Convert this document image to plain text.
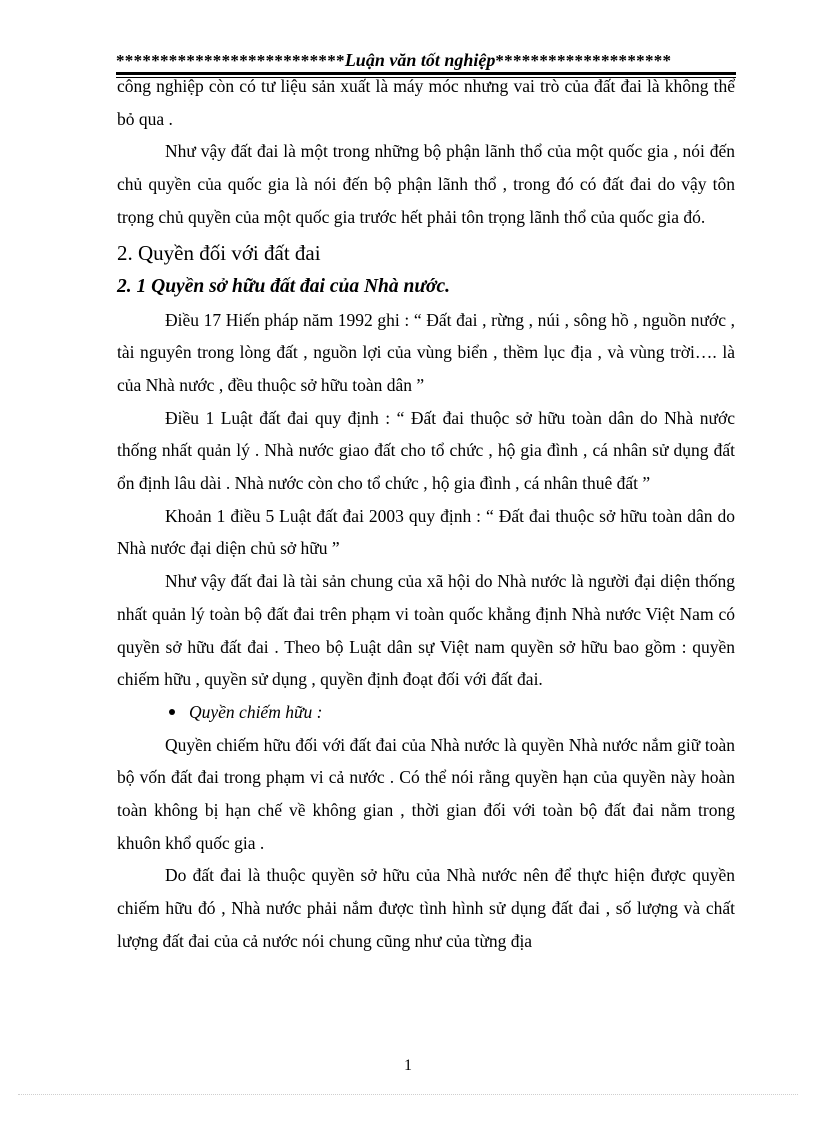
**************************Luận văn tốt nghiệp********************

công nghiệp còn có tư liệu sản xuất là máy móc nhưng vai trò của đất đai là không thể bỏ qua .

Như vậy đất đai là một trong những bộ phận lãnh thổ của một quốc gia , nói đến chủ quyền của quốc gia là nói đến bộ phận lãnh thổ , trong đó có đất đai do vậy tôn trọng chủ quyền của một quốc gia trước hết phải tôn trọng lãnh thổ của quốc gia đó.

2. Quyền đối với đất đai
2. 1 Quyền sở hữu đất đai của Nhà nước.

Điều 17 Hiến pháp năm 1992 ghi : “ Đất đai , rừng , núi , sông hồ , nguồn nước , tài nguyên trong lòng đất , nguồn lợi của vùng biển , thềm lục địa , và vùng trời…. là của Nhà nước , đều thuộc sở hữu toàn dân ”

Điều 1 Luật đất đai quy định : “ Đất đai thuộc sở hữu toàn dân do Nhà nước thống nhất quản lý . Nhà nước giao đất cho tổ chức , hộ gia đình , cá nhân sử dụng đất ổn định lâu dài . Nhà nước còn cho tổ chức , hộ gia đình , cá nhân thuê đất ”

Khoản 1 điều 5 Luật đất đai 2003 quy định : “ Đất đai thuộc sở hữu toàn dân do Nhà nước đại diện chủ sở hữu ”

Như vậy đất đai là tài sản chung của xã hội do Nhà nước là người đại diện thống nhất quản lý toàn bộ đất đai trên phạm vi toàn quốc khẳng định Nhà nước Việt Nam có quyền sở hữu đất đai . Theo bộ Luật dân sự Việt nam quyền sở hữu bao gồm : quyền chiếm hữu , quyền sử dụng , quyền định đoạt đối với đất đai.

Quyền chiếm hữu :

Quyền chiếm hữu đối với đất đai của Nhà nước là quyền Nhà nước nắm giữ toàn bộ vốn đất đai trong phạm vi cả nước . Có thể nói rằng quyền hạn của quyền này hoàn toàn không bị hạn chế về không gian , thời gian đối với toàn bộ đất đai nằm trong khuôn khổ quốc gia .

Do đất đai là thuộc quyền sở hữu của Nhà nước nên để thực hiện được quyền chiếm hữu đó , Nhà nước phải nắm được tình hình sử dụng đất đai , số lượng và chất lượng đất đai của cả nước nói chung cũng như của từng địa

1
